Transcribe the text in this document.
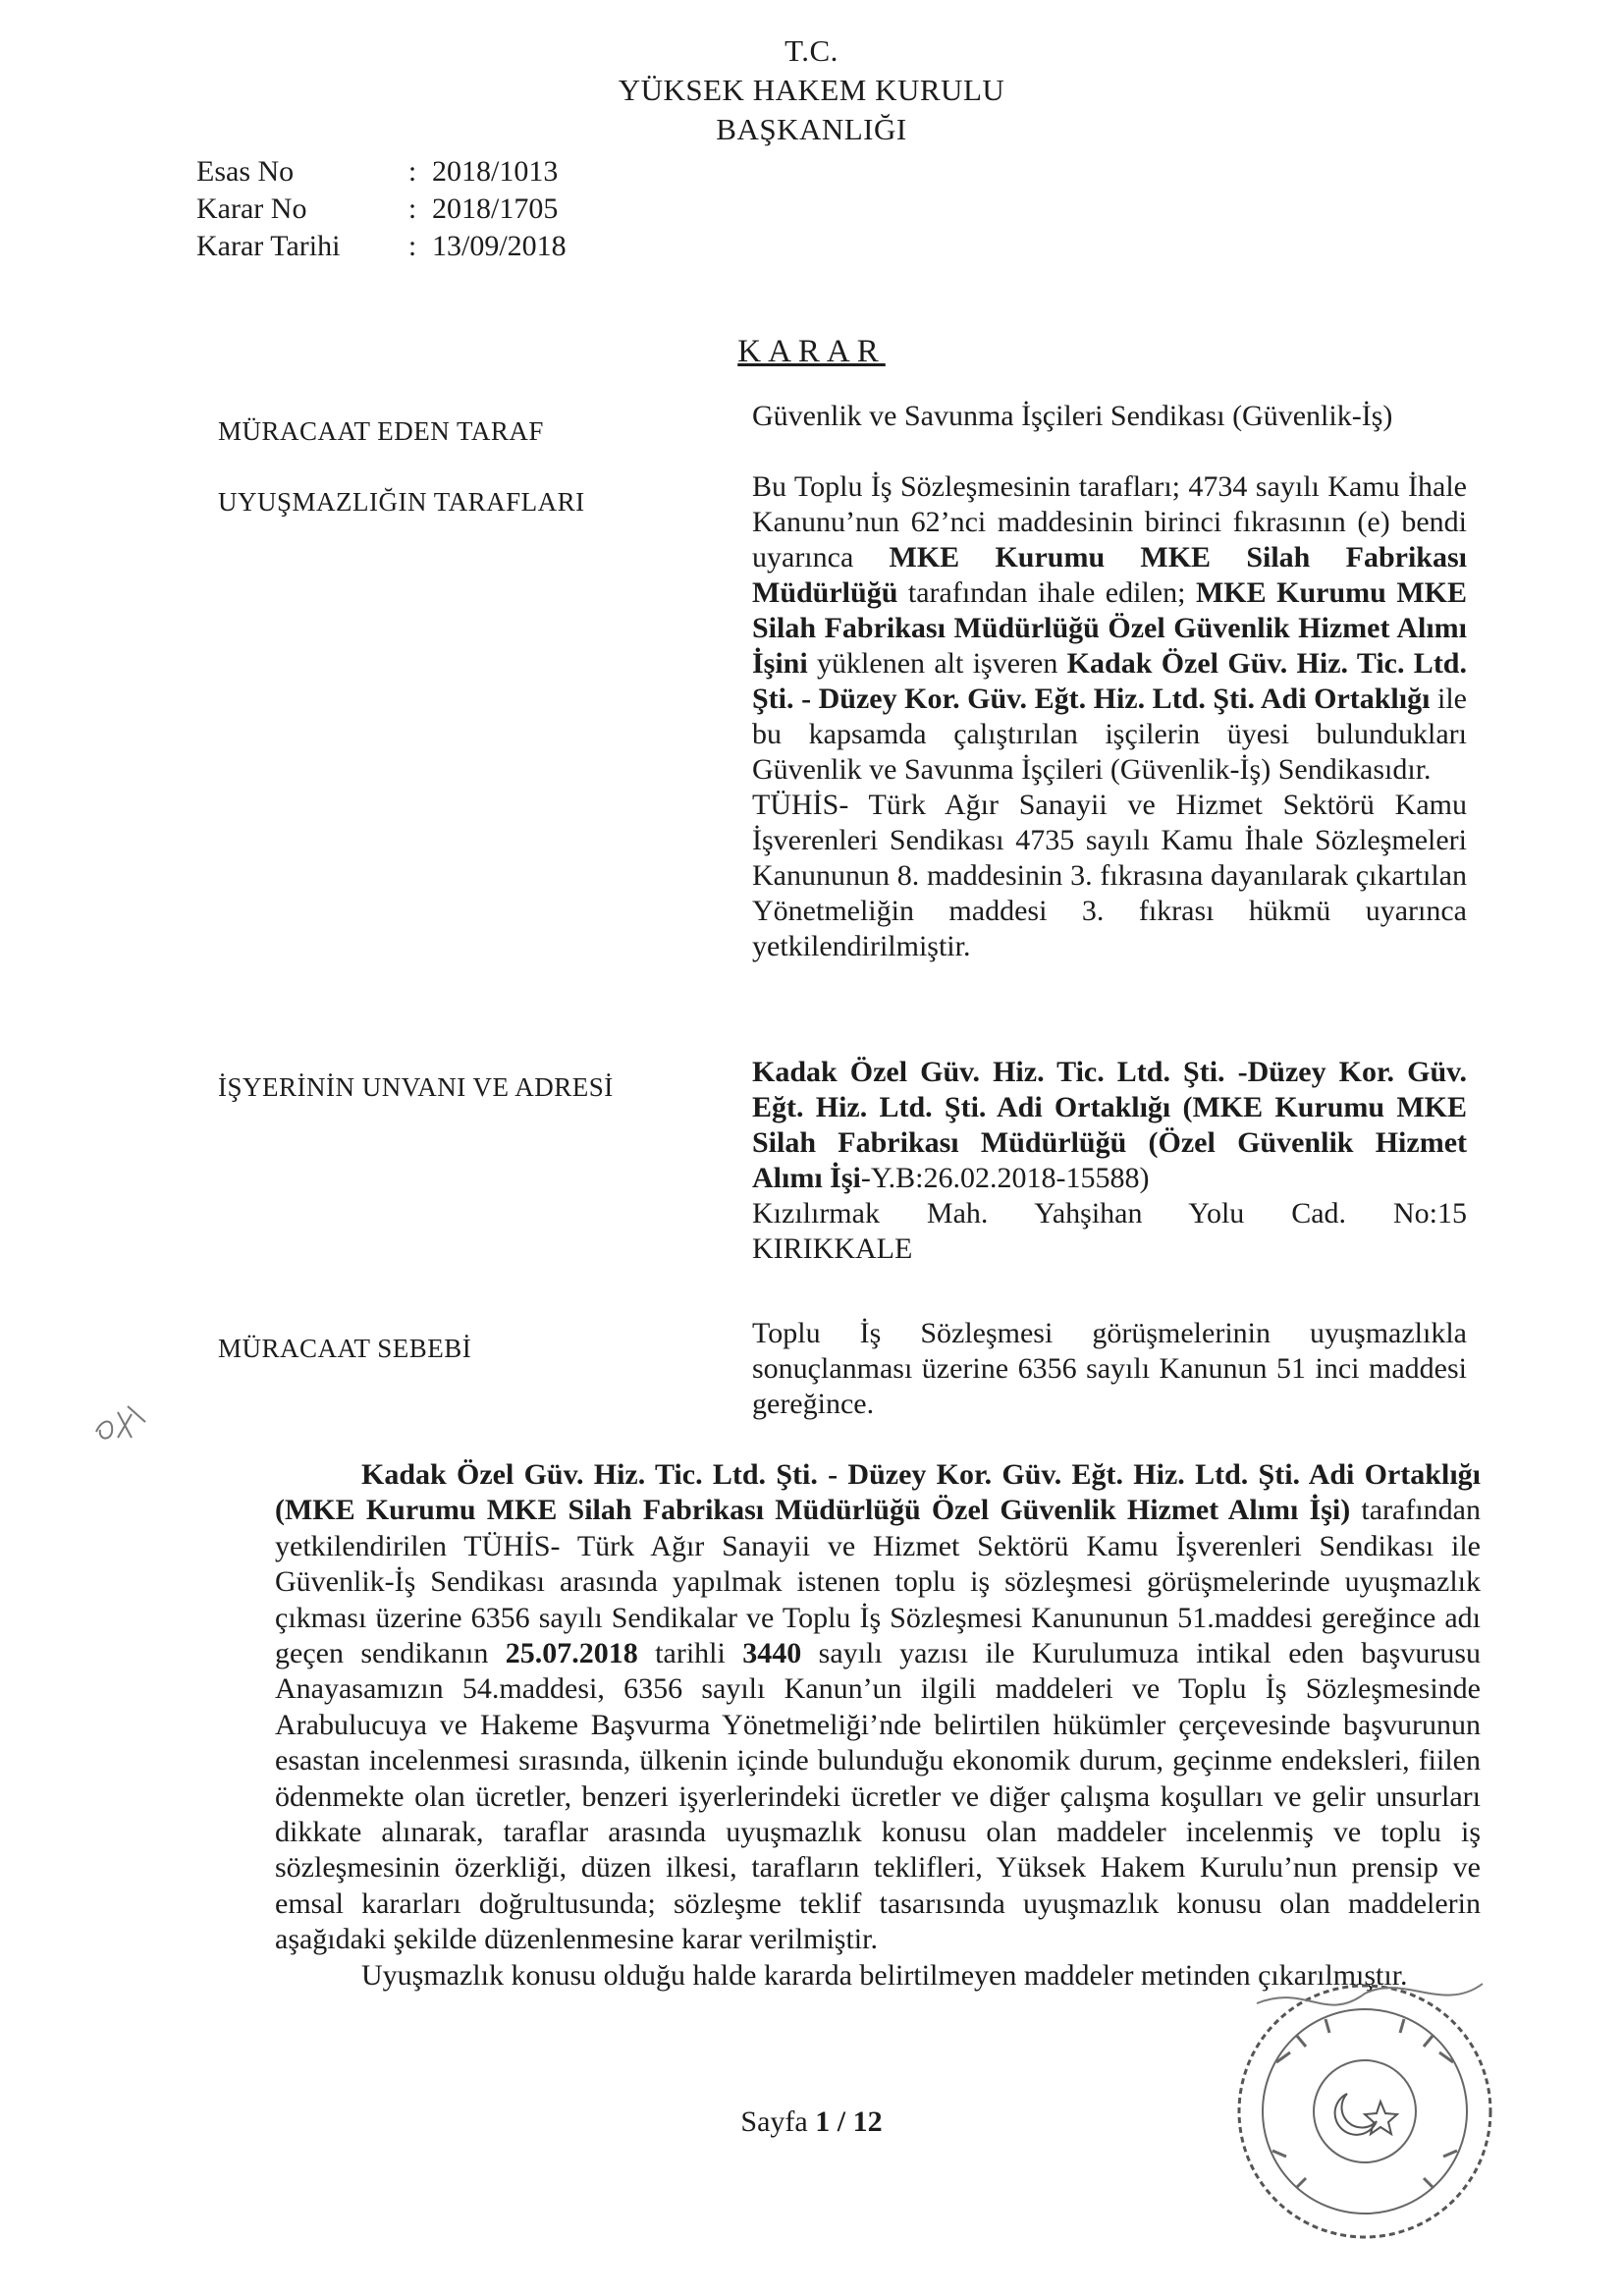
T.C.
YÜKSEK HAKEM KURULU
BAŞKANLIĞI
Esas No	: 2018/1013
Karar No	: 2018/1705
Karar Tarihi	: 13/09/2018
KARAR
MÜRACAAT EDEN TARAF	Güvenlik ve Savunma İşçileri Sendikası (Güvenlik-İş)
UYUŞMAZLIĞIN TARAFLARI	Bu Toplu İş Sözleşmesinin tarafları; 4734 sayılı Kamu İhale Kanunu’nun 62’nci maddesinin birinci fıkrasının (e) bendi uyarınca MKE Kurumu MKE Silah Fabrikası Müdürlüğü tarafından ihale edilen; MKE Kurumu MKE Silah Fabrikası Müdürlüğü Özel Güvenlik Hizmet Alımı İşini yüklenen alt işveren Kadak Özel Güv. Hiz. Tic. Ltd. Şti. - Düzey Kor. Güv. Eğt. Hiz. Ltd. Şti. Adi Ortaklığı ile bu kapsamda çalıştırılan işçilerin üyesi bulundukları Güvenlik ve Savunma İşçileri (Güvenlik-İş) Sendikasıdır.

TÜHİS- Türk Ağır Sanayii ve Hizmet Sektörü Kamu İşverenleri Sendikası 4735 sayılı Kamu İhale Sözleşmeleri Kanununun 8. maddesinin 3. fıkrasına dayanılarak çıkartılan Yönetmeliğin maddesi 3. fıkrası hükmü uyarınca yetkilendirilmiştir.

İŞYERİNİN UNVANI VE ADRESİ	Kadak Özel Güv. Hiz. Tic. Ltd. Şti. -Düzey Kor. Güv. Eğt. Hiz. Ltd. Şti. Adi Ortaklığı (MKE Kurumu MKE Silah Fabrikası Müdürlüğü (Özel Güvenlik Hizmet Alımı İşi-Y.B:26.02.2018-15588)

Kızılırmak Mah. Yahşihan Yolu Cad. No:15

KIRIKKALE

MÜRACAAT SEBEBİ	Toplu İş Sözleşmesi görüşmelerinin uyuşmazlıkla sonuçlanması üzerine 6356 sayılı Kanunun 51 inci maddesi gereğince.

Kadak Özel Güv. Hiz. Tic. Ltd. Şti. - Düzey Kor. Güv. Eğt. Hiz. Ltd. Şti. Adi Ortaklığı (MKE Kurumu MKE Silah Fabrikası Müdürlüğü Özel Güvenlik Hizmet Alımı İşi) tarafından yetkilendirilen TÜHİS- Türk Ağır Sanayii ve Hizmet Sektörü Kamu İşverenleri Sendikası ile Güvenlik-İş Sendikası arasında yapılmak istenen toplu iş sözleşmesi görüşmelerinde uyuşmazlık çıkması üzerine 6356 sayılı Sendikalar ve Toplu İş Sözleşmesi Kanununun 51.maddesi gereğince adı geçen sendikanın 25.07.2018 tarihli 3440 sayılı yazısı ile Kurulumuza intikal eden başvurusu Anayasamızın 54.maddesi, 6356 sayılı Kanun’un ilgili maddeleri ve Toplu İş Sözleşmesinde Arabulucuya ve Hakeme Başvurma Yönetmeliği’nde belirtilen hükümler çerçevesinde başvurunun esastan incelenmesi sırasında, ülkenin içinde bulunduğu ekonomik durum, geçinme endeksleri, fiilen ödenmekte olan ücretler, benzeri işyerlerindeki ücretler ve diğer çalışma koşulları ve gelir unsurları dikkate alınarak, taraflar arasında uyuşmazlık konusu olan maddeler incelenmiş ve toplu iş sözleşmesinin özerkliği, düzen ilkesi, tarafların teklifleri, Yüksek Hakem Kurulu’nun prensip ve emsal kararları doğrultusunda; sözleşme teklif tasarısında uyuşmazlık konusu olan maddelerin aşağıdaki şekilde düzenlenmesine karar verilmiştir.

Uyuşmazlık konusu olduğu halde kararda belirtilmeyen maddeler metinden çıkarılmıştır.

Sayfa 1 / 12
